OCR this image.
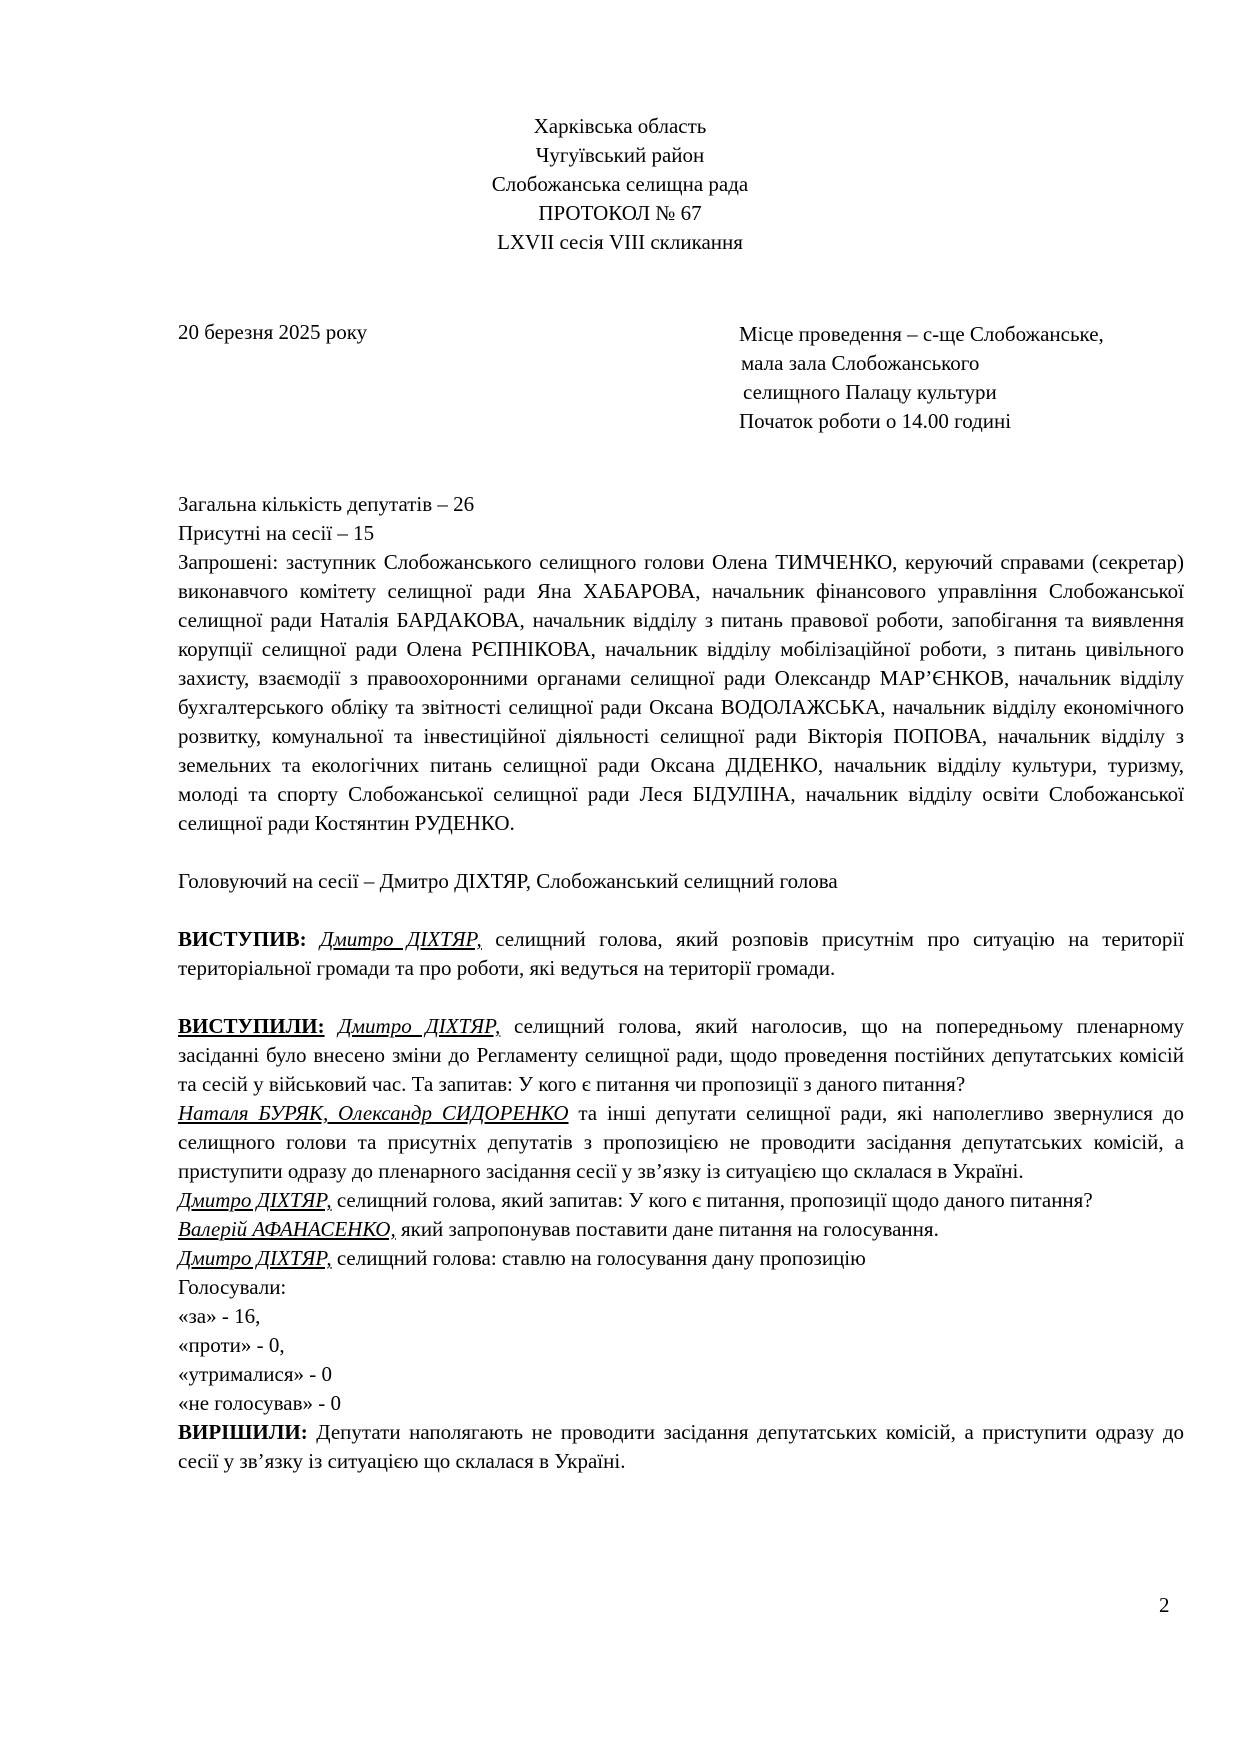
Харківська область
Чугуївський район
Слобожанська селищна рада
ПРОТОКОЛ № 67
LXVІІ сесія VІІІ скликання
20 березня 2025 року	Місце проведення – с-ще Слобожанське,
мала зала Слобожанського
селищного Палацу культури
Початок роботи о 14.00 годині

Загальна кількість депутатів – 26

Присутні на сесії – 15

Запрошені: заступник Слобожанського селищного голови Олена ТИМЧЕНКО, керуючий справами (секретар) виконавчого комітету селищної ради Яна ХАБАРОВА, начальник фінансового управління Слобожанської селищної ради Наталія БАРДАКОВА, начальник відділу з питань правової роботи, запобігання та виявлення корупції селищної ради Олена РЄПНІКОВА, начальник відділу мобілізаційної роботи, з питань цивільного захисту, взаємодії з правоохоронними органами селищної ради Олександр МАР’ЄНКОВ, начальник відділу бухгалтерського обліку та звітності селищної ради Оксана ВОДОЛАЖСЬКА, начальник відділу економічного розвитку, комунальної та інвестиційної діяльності селищної ради Вікторія ПОПОВА, начальник відділу з земельних та екологічних питань селищної ради Оксана ДІДЕНКО, начальник відділу культури, туризму, молоді та спорту Слобожанської селищної ради Леся БІДУЛІНА, начальник відділу освіти Слобожанської селищної ради Костянтин РУДЕНКО.

Головуючий на сесії – Дмитро ДІХТЯР, Слобожанський селищний голова

ВИСТУПИВ: Дмитро ДІХТЯР, селищний голова, який розповів присутнім про ситуацію на території територіальної громади та про роботи, які ведуться на території громади.

ВИСТУПИЛИ: Дмитро ДІХТЯР, селищний голова, який наголосив, що на попередньому пленарному засіданні було внесено зміни до Регламенту селищної ради, щодо проведення постійних депутатських комісій та сесій у військовий час. Та запитав: У кого є питання чи пропозиції з даного питання?

Наталя БУРЯК, Олександр СИДОРЕНКО та інші депутати селищної ради, які наполегливо звернулися до селищного голови та присутніх депутатів з пропозицією не проводити засідання депутатських комісій, а приступити одразу до пленарного засідання сесії у зв’язку із ситуацією що склалася в Україні.

Дмитро ДІХТЯР, селищний голова, який запитав: У кого є питання, пропозиції щодо даного питання?

Валерій АФАНАСЕНКО, який запропонував поставити дане питання на голосування.

Дмитро ДІХТЯР, селищний голова: ставлю на голосування дану пропозицію

Голосували:

«за» - 16,

«проти» - 0,

«утрималися» - 0

«не голосував» - 0

ВИРІШИЛИ: Депутати наполягають не проводити засідання депутатських комісій, а приступити одразу до сесії у зв’язку із ситуацією що склалася в Україні.

2
